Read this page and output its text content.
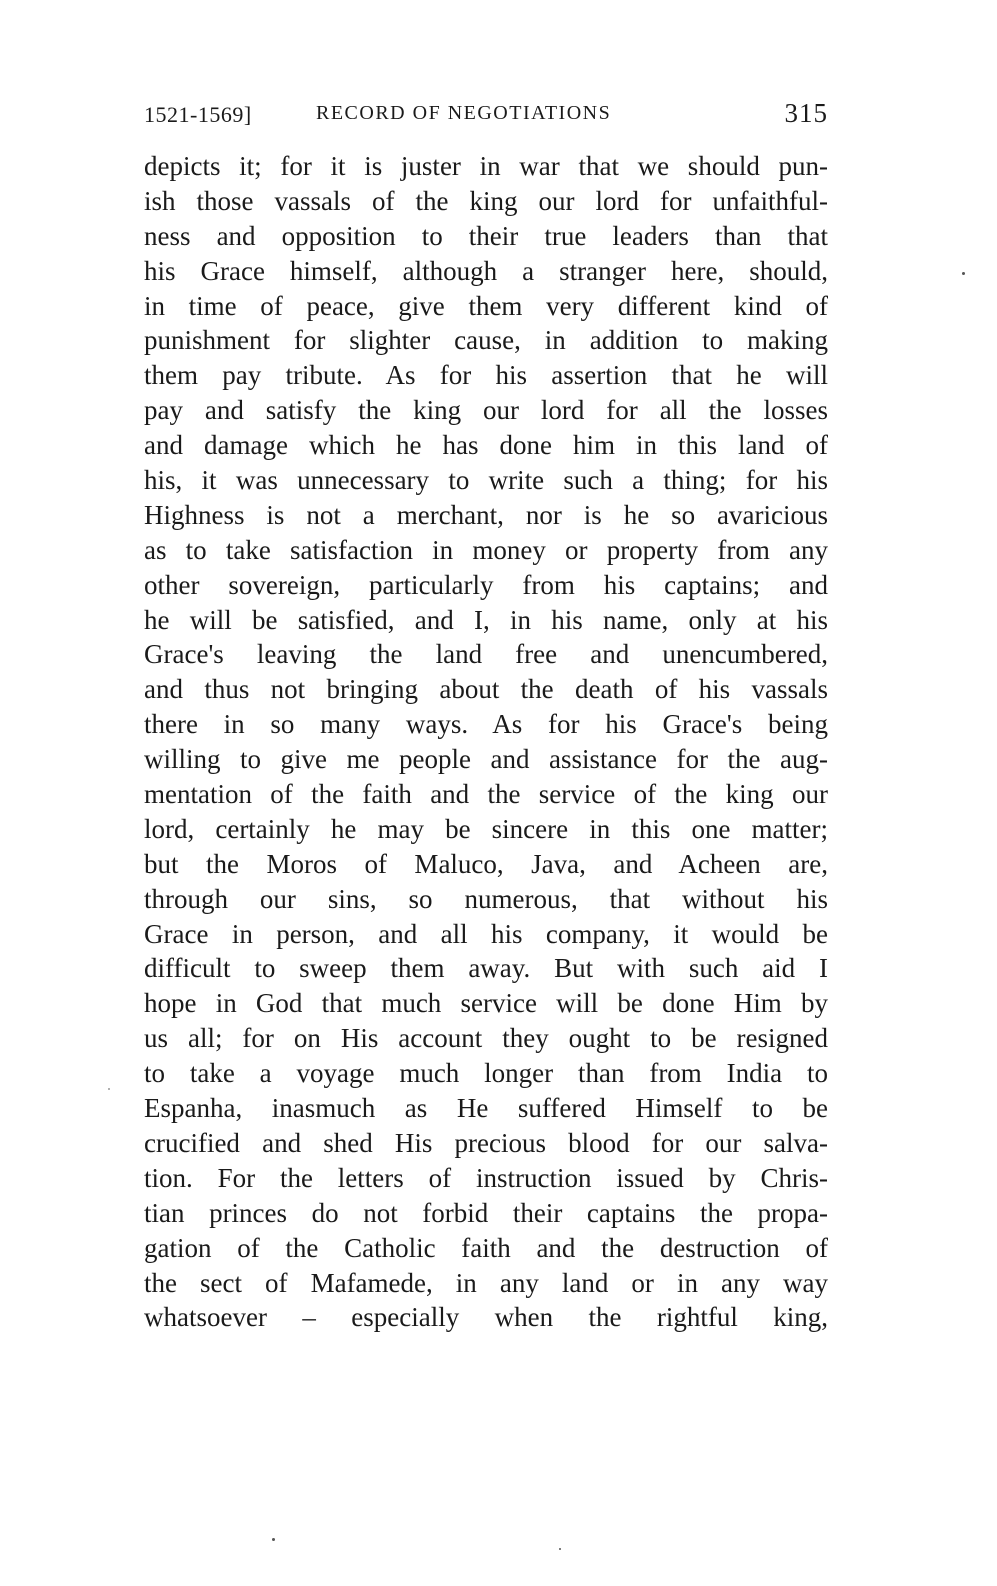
1521-1569]	RECORD OF NEGOTIATIONS	315
depicts it; for it is juster in war that we should pun-
ish those vassals of the king our lord for unfaithful-
ness and opposition to their true leaders than that
his Grace himself, although a stranger here, should,
in time of peace, give them very different kind of
punishment for slighter cause, in addition to making
them pay tribute. As for his assertion that he will
pay and satisfy the king our lord for all the losses
and damage which he has done him in this land of
his, it was unnecessary to write such a thing; for his
Highness is not a merchant, nor is he so avaricious
as to take satisfaction in money or property from any
other sovereign, particularly from his captains; and
he will be satisfied, and I, in his name, only at his
Grace's leaving the land free and unencumbered,
and thus not bringing about the death of his vassals
there in so many ways. As for his Grace's being
willing to give me people and assistance for the aug-
mentation of the faith and the service of the king our
lord, certainly he may be sincere in this one matter;
but the Moros of Maluco, Java, and Acheen are,
through our sins, so numerous, that without his
Grace in person, and all his company, it would be
difficult to sweep them away. But with such aid I
hope in God that much service will be done Him by
us all; for on His account they ought to be resigned
to take a voyage much longer than from India to
Espanha, inasmuch as He suffered Himself to be
crucified and shed His precious blood for our salva-
tion. For the letters of instruction issued by Chris-
tian princes do not forbid their captains the propa-
gation of the Catholic faith and the destruction of
the sect of Mafamede, in any land or in any way
whatsoever – especially when the rightful king,
